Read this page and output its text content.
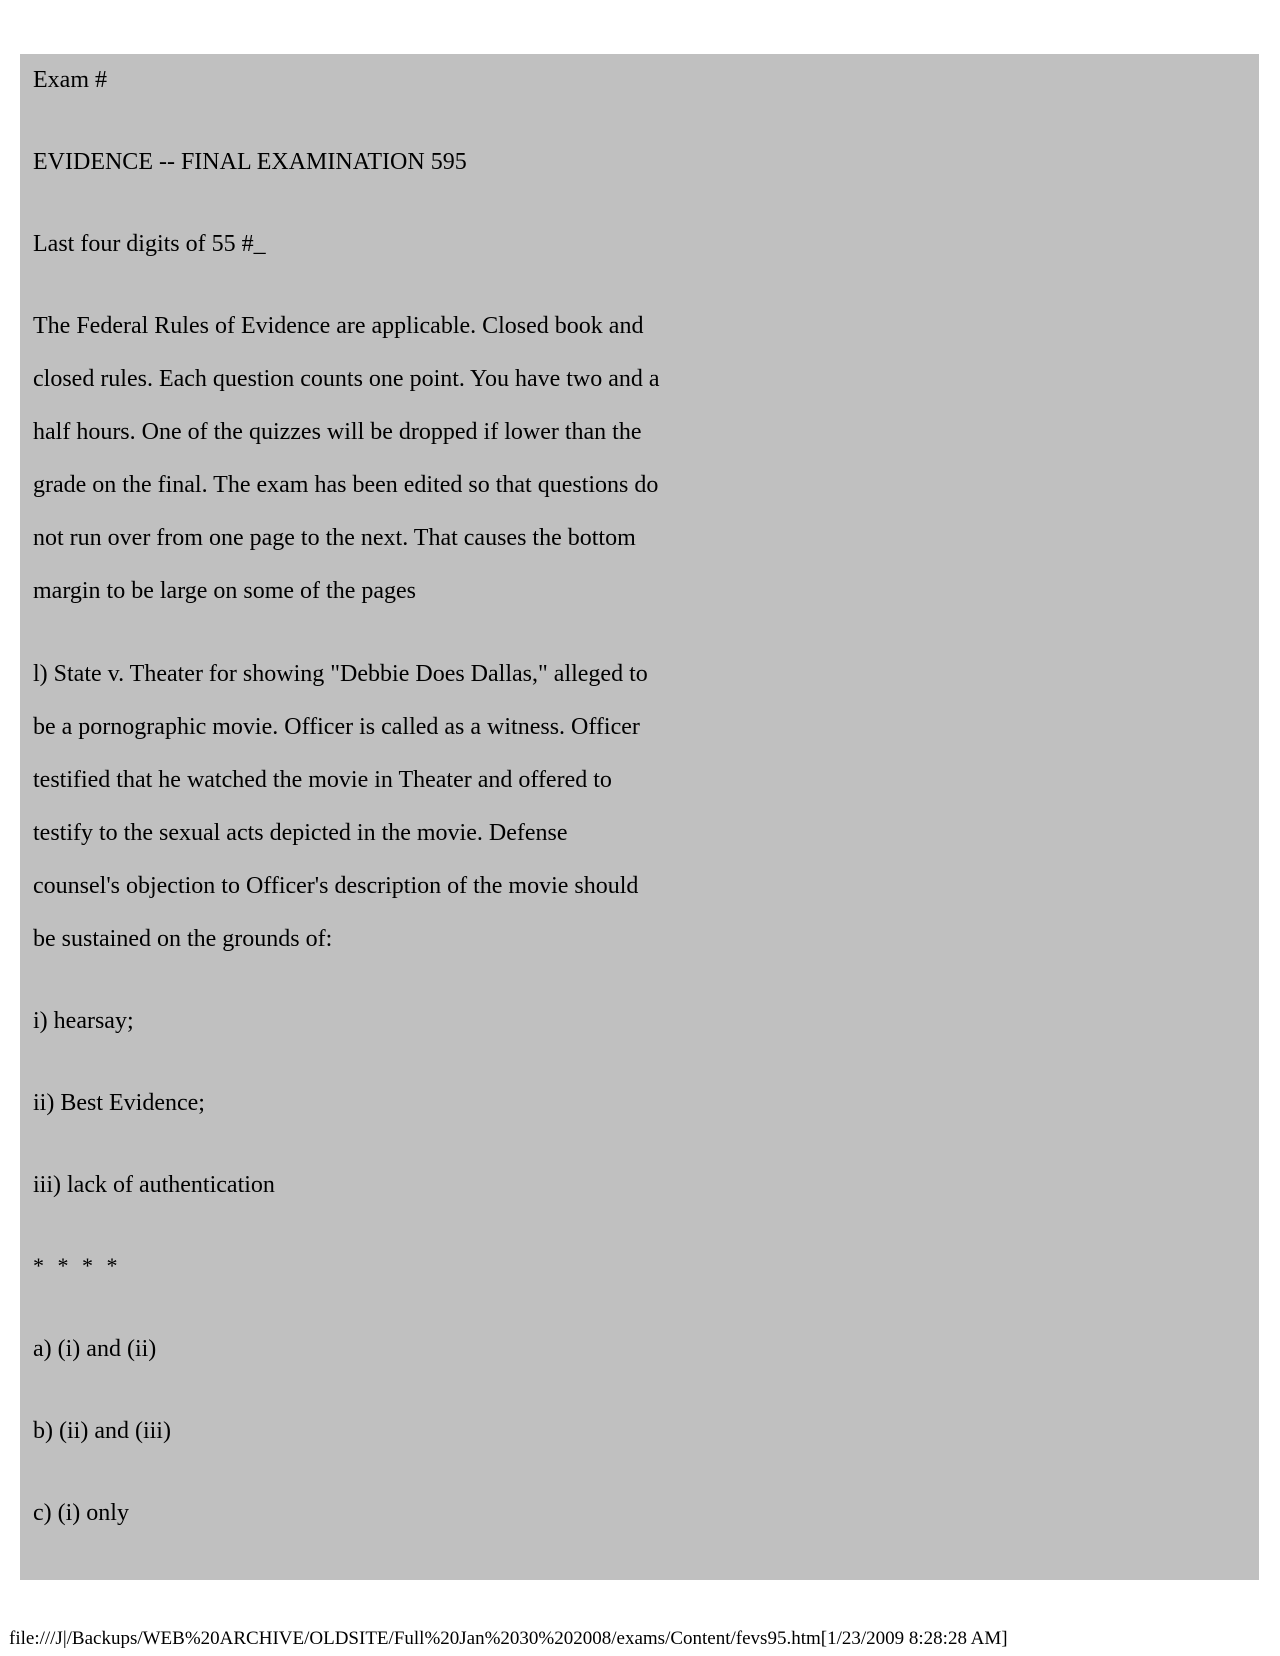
Exam #
EVIDENCE -- FINAL EXAMINATION 595
Last four digits of 55 #_
The Federal Rules of Evidence are applicable. Closed book and
closed rules. Each question counts one point. You have two and a
half hours. One of the quizzes will be dropped if lower than the
grade on the final. The exam has been edited so that questions do
not run over from one page to the next. That causes the bottom
margin to be large on some of the pages
l) State v. Theater for showing "Debbie Does Dallas," alleged to
be a pornographic movie. Officer is called as a witness. Officer
testified that he watched the movie in Theater and offered to
testify to the sexual acts depicted in the movie. Defense
counsel's objection to Officer's description of the movie should
be sustained on the grounds of:
i) hearsay;
ii) Best Evidence;
iii) lack of authentication
* * * *
a) (i) and (ii)
b) (ii) and (iii)
c) (i) only
file:///J|/Backups/WEB%20ARCHIVE/OLDSITE/Full%20Jan%2030%202008/exams/Content/fevs95.htm[1/23/2009 8:28:28 AM]
